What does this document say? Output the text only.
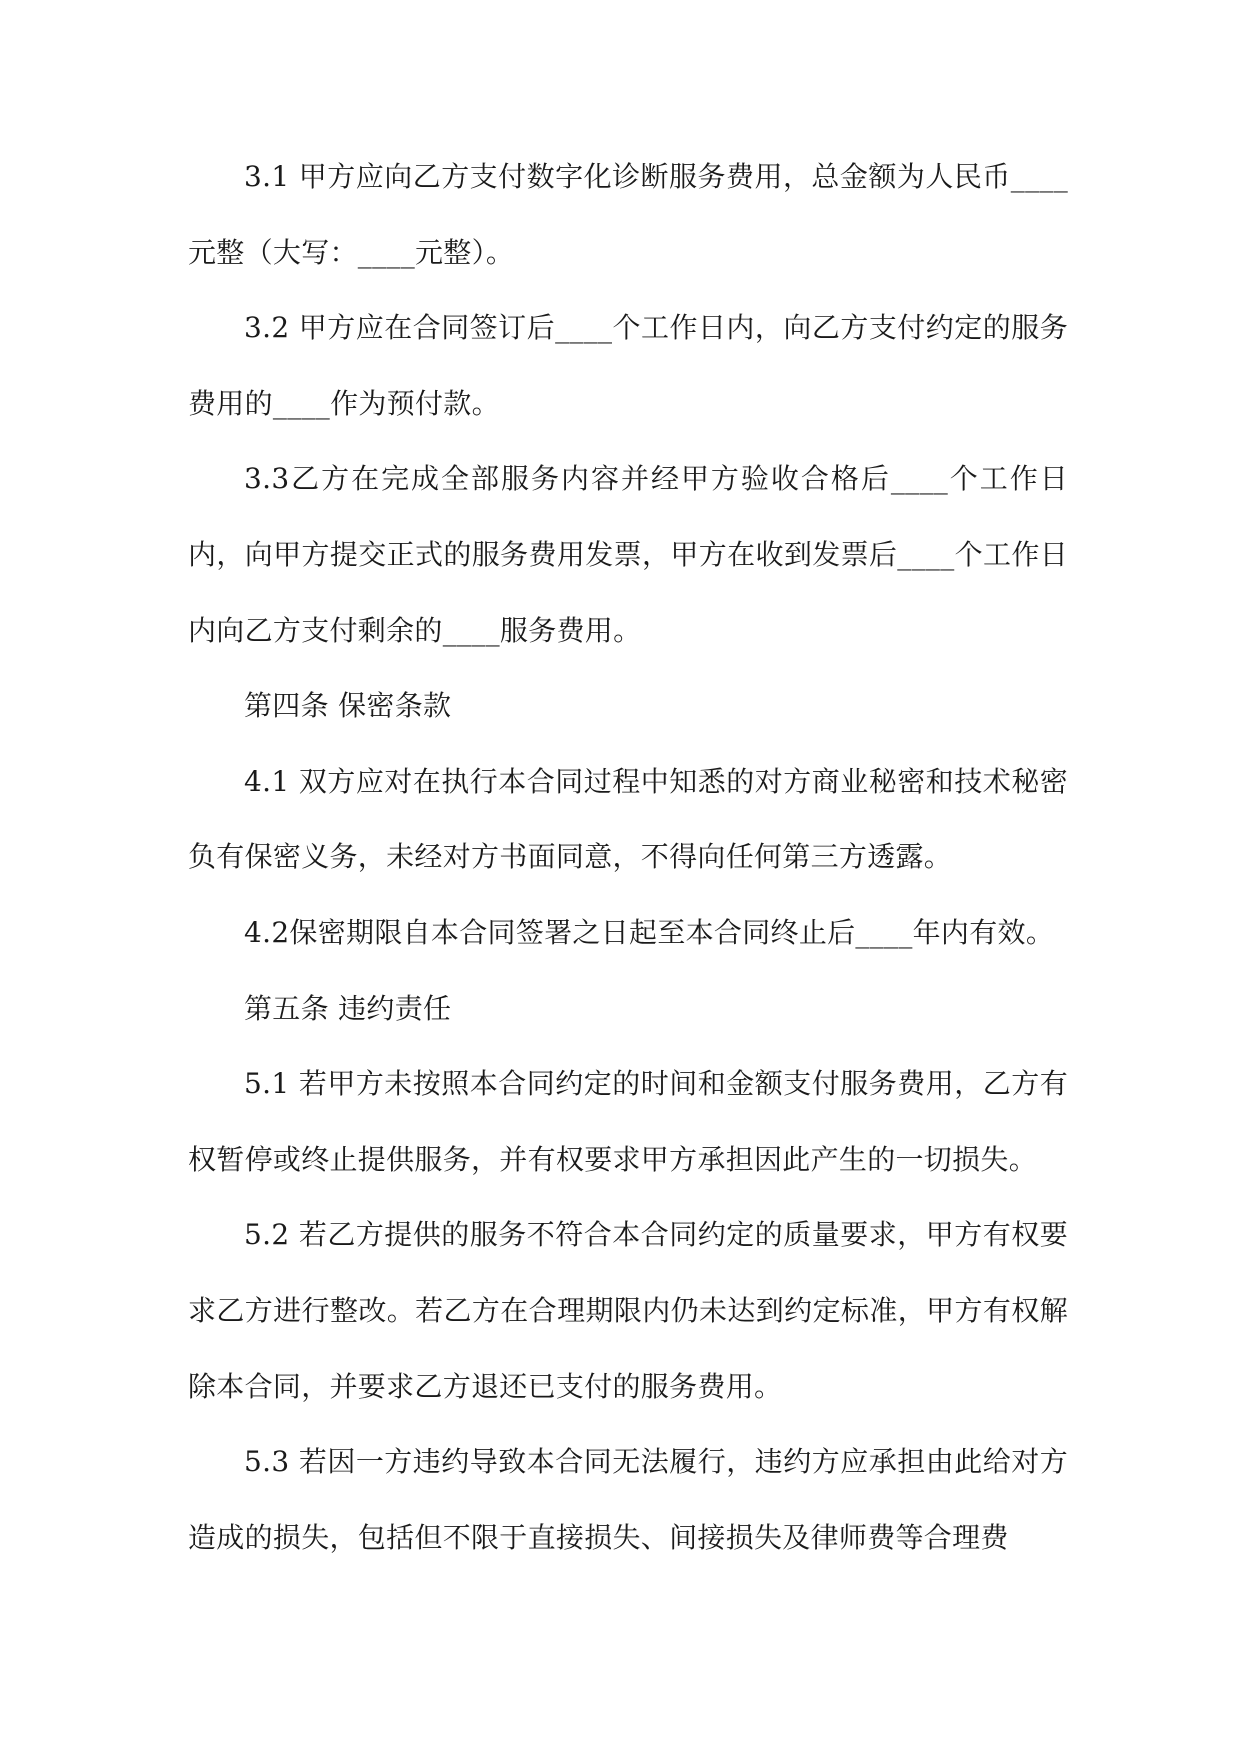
3.1 甲方应向乙方支付数字化诊断服务费用，总金额为人民币____元整（大写：____元整）。

3.2 甲方应在合同签订后____个工作日内，向乙方支付约定的服务费用的____作为预付款。

3.3乙方在完成全部服务内容并经甲方验收合格后____个工作日内，向甲方提交正式的服务费用发票，甲方在收到发票后____个工作日内向乙方支付剩余的____服务费用。

第四条 保密条款

4.1 双方应对在执行本合同过程中知悉的对方商业秘密和技术秘密负有保密义务，未经对方书面同意，不得向任何第三方透露。

4.2保密期限自本合同签署之日起至本合同终止后____年内有效。

第五条 违约责任

5.1 若甲方未按照本合同约定的时间和金额支付服务费用，乙方有权暂停或终止提供服务，并有权要求甲方承担因此产生的一切损失。

5.2 若乙方提供的服务不符合本合同约定的质量要求，甲方有权要求乙方进行整改。若乙方在合理期限内仍未达到约定标准，甲方有权解除本合同，并要求乙方退还已支付的服务费用。

5.3 若因一方违约导致本合同无法履行，违约方应承担由此给对方造成的损失，包括但不限于直接损失、间接损失及律师费等合理费
